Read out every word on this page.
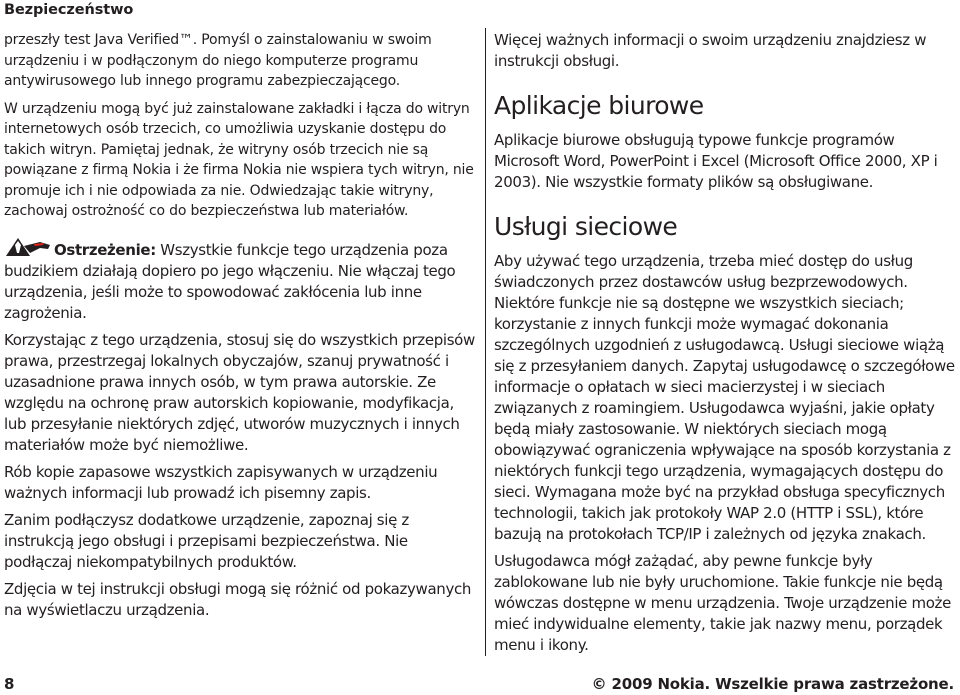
Bezpieczeństwo

przeszły test Java Verified™. Pomyśl o zainstalowaniu w swoim urządzeniu i w podłączonym do niego komputerze programu antywirusowego lub innego programu zabezpieczającego.

W urządzeniu mogą być już zainstalowane zakładki i łącza do witryn internetowych osób trzecich, co umożliwia uzyskanie dostępu do takich witryn. Pamiętaj jednak, że witryny osób trzecich nie są powiązane z firmą Nokia i że firma Nokia nie wspiera tych witryn, nie promuje ich i nie odpowiada za nie. Odwiedzając takie witryny, zachowaj ostrożność co do bezpieczeństwa lub materiałów.

Ostrzeżenie: Wszystkie funkcje tego urządzenia poza budzikiem działają dopiero po jego włączeniu. Nie włączaj tego urządzenia, jeśli może to spowodować zakłócenia lub inne zagrożenia.

Korzystając z tego urządzenia, stosuj się do wszystkich przepisów prawa, przestrzegaj lokalnych obyczajów, szanuj prywatność i uzasadnione prawa innych osób, w tym prawa autorskie. Ze względu na ochronę praw autorskich kopiowanie, modyfikacja, lub przesyłanie niektórych zdjęć, utworów muzycznych i innych materiałów może być niemożliwe.

Rób kopie zapasowe wszystkich zapisywanych w urządzeniu ważnych informacji lub prowadź ich pisemny zapis.

Zanim podłączysz dodatkowe urządzenie, zapoznaj się z instrukcją jego obsługi i przepisami bezpieczeństwa. Nie podłączaj niekompatybilnych produktów.

Zdjęcia w tej instrukcji obsługi mogą się różnić od pokazywanych na wyświetlaczu urządzenia.

Więcej ważnych informacji o swoim urządzeniu znajdziesz w instrukcji obsługi.

Aplikacje biurowe

Aplikacje biurowe obsługują typowe funkcje programów Microsoft Word, PowerPoint i Excel (Microsoft Office 2000, XP i 2003). Nie wszystkie formaty plików są obsługiwane.

Usługi sieciowe

Aby używać tego urządzenia, trzeba mieć dostęp do usług świadczonych przez dostawców usług bezprzewodowych. Niektóre funkcje nie są dostępne we wszystkich sieciach; korzystanie z innych funkcji może wymagać dokonania szczególnych uzgodnień z usługodawcą. Usługi sieciowe wiążą się z przesyłaniem danych. Zapytaj usługodawcę o szczegółowe informacje o opłatach w sieci macierzystej i w sieciach związanych z roamingiem. Usługodawca wyjaśni, jakie opłaty będą miały zastosowanie. W niektórych sieciach mogą obowiązywać ograniczenia wpływające na sposób korzystania z niektórych funkcji tego urządzenia, wymagających dostępu do sieci. Wymagana może być na przykład obsługa specyficznych technologii, takich jak protokoły WAP 2.0 (HTTP i SSL), które bazują na protokołach TCP/IP i zależnych od języka znakach.

Usługodawca mógł zażądać, aby pewne funkcje były zablokowane lub nie były uruchomione. Takie funkcje nie będą wówczas dostępne w menu urządzenia. Twoje urządzenie może mieć indywidualne elementy, takie jak nazwy menu, porządek menu i ikony.

8	© 2009 Nokia. Wszelkie prawa zastrzeżone.
